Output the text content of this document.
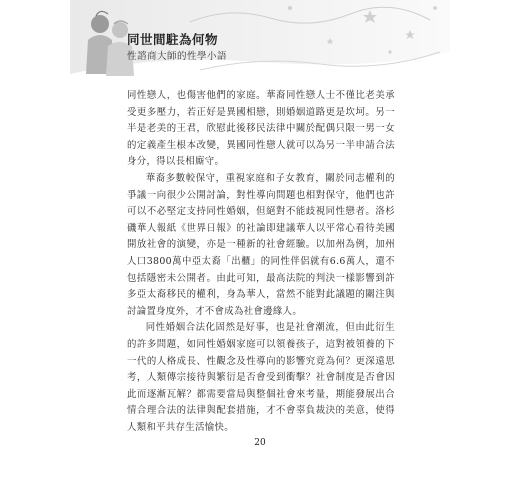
同世間駐為何物
性諮商大師的性學小語

同性戀人，也傷害他們的家庭。華裔同性戀人士不僅比老美承受更多壓力，若正好是異國相戀，則婚姻道路更是坎坷。另一半是老美的王君，欣慰此後移民法律中關於配偶只限一男一女的定義產生根本改變，異國同性戀人就可以為另一半申請合法身分，得以長相廝守。

華裔多數較保守，重視家庭和子女教育，關於同志權利的爭議一向很少公開討論，對性導向問題也相對保守，他們也許可以不必堅定支持同性婚姻，但絕對不能歧視同性戀者。洛杉磯華人報紙《世界日報》的社論即建議華人以平常心看待美國開放社會的演變，亦是一種新的社會經驗。以加州為例，加州人口3800萬中亞太裔「出櫃」的同性伴侶就有6.6萬人，還不包括隱密未公開者。由此可知，最高法院的判決一樣影響到許多亞太裔移民的權利，身為華人，當然不能對此議題的關注與討論置身度外，才不會成為社會邊緣人。

同性婚姻合法化固然是好事，也是社會潮流，但由此衍生的許多問題，如同性婚姻家庭可以領養孩子，這對被領養的下一代的人格成長、性觀念及性導向的影響究竟為何？更深遠思考，人類傳宗接待與繁衍是否會受到衝擊？社會制度是否會因此而逐漸瓦解？都需要當局與整個社會來考量，期能發展出合情合理合法的法律與配套措施，才不會辜負裁決的美意，使得人類和平共存生活愉快。

20
